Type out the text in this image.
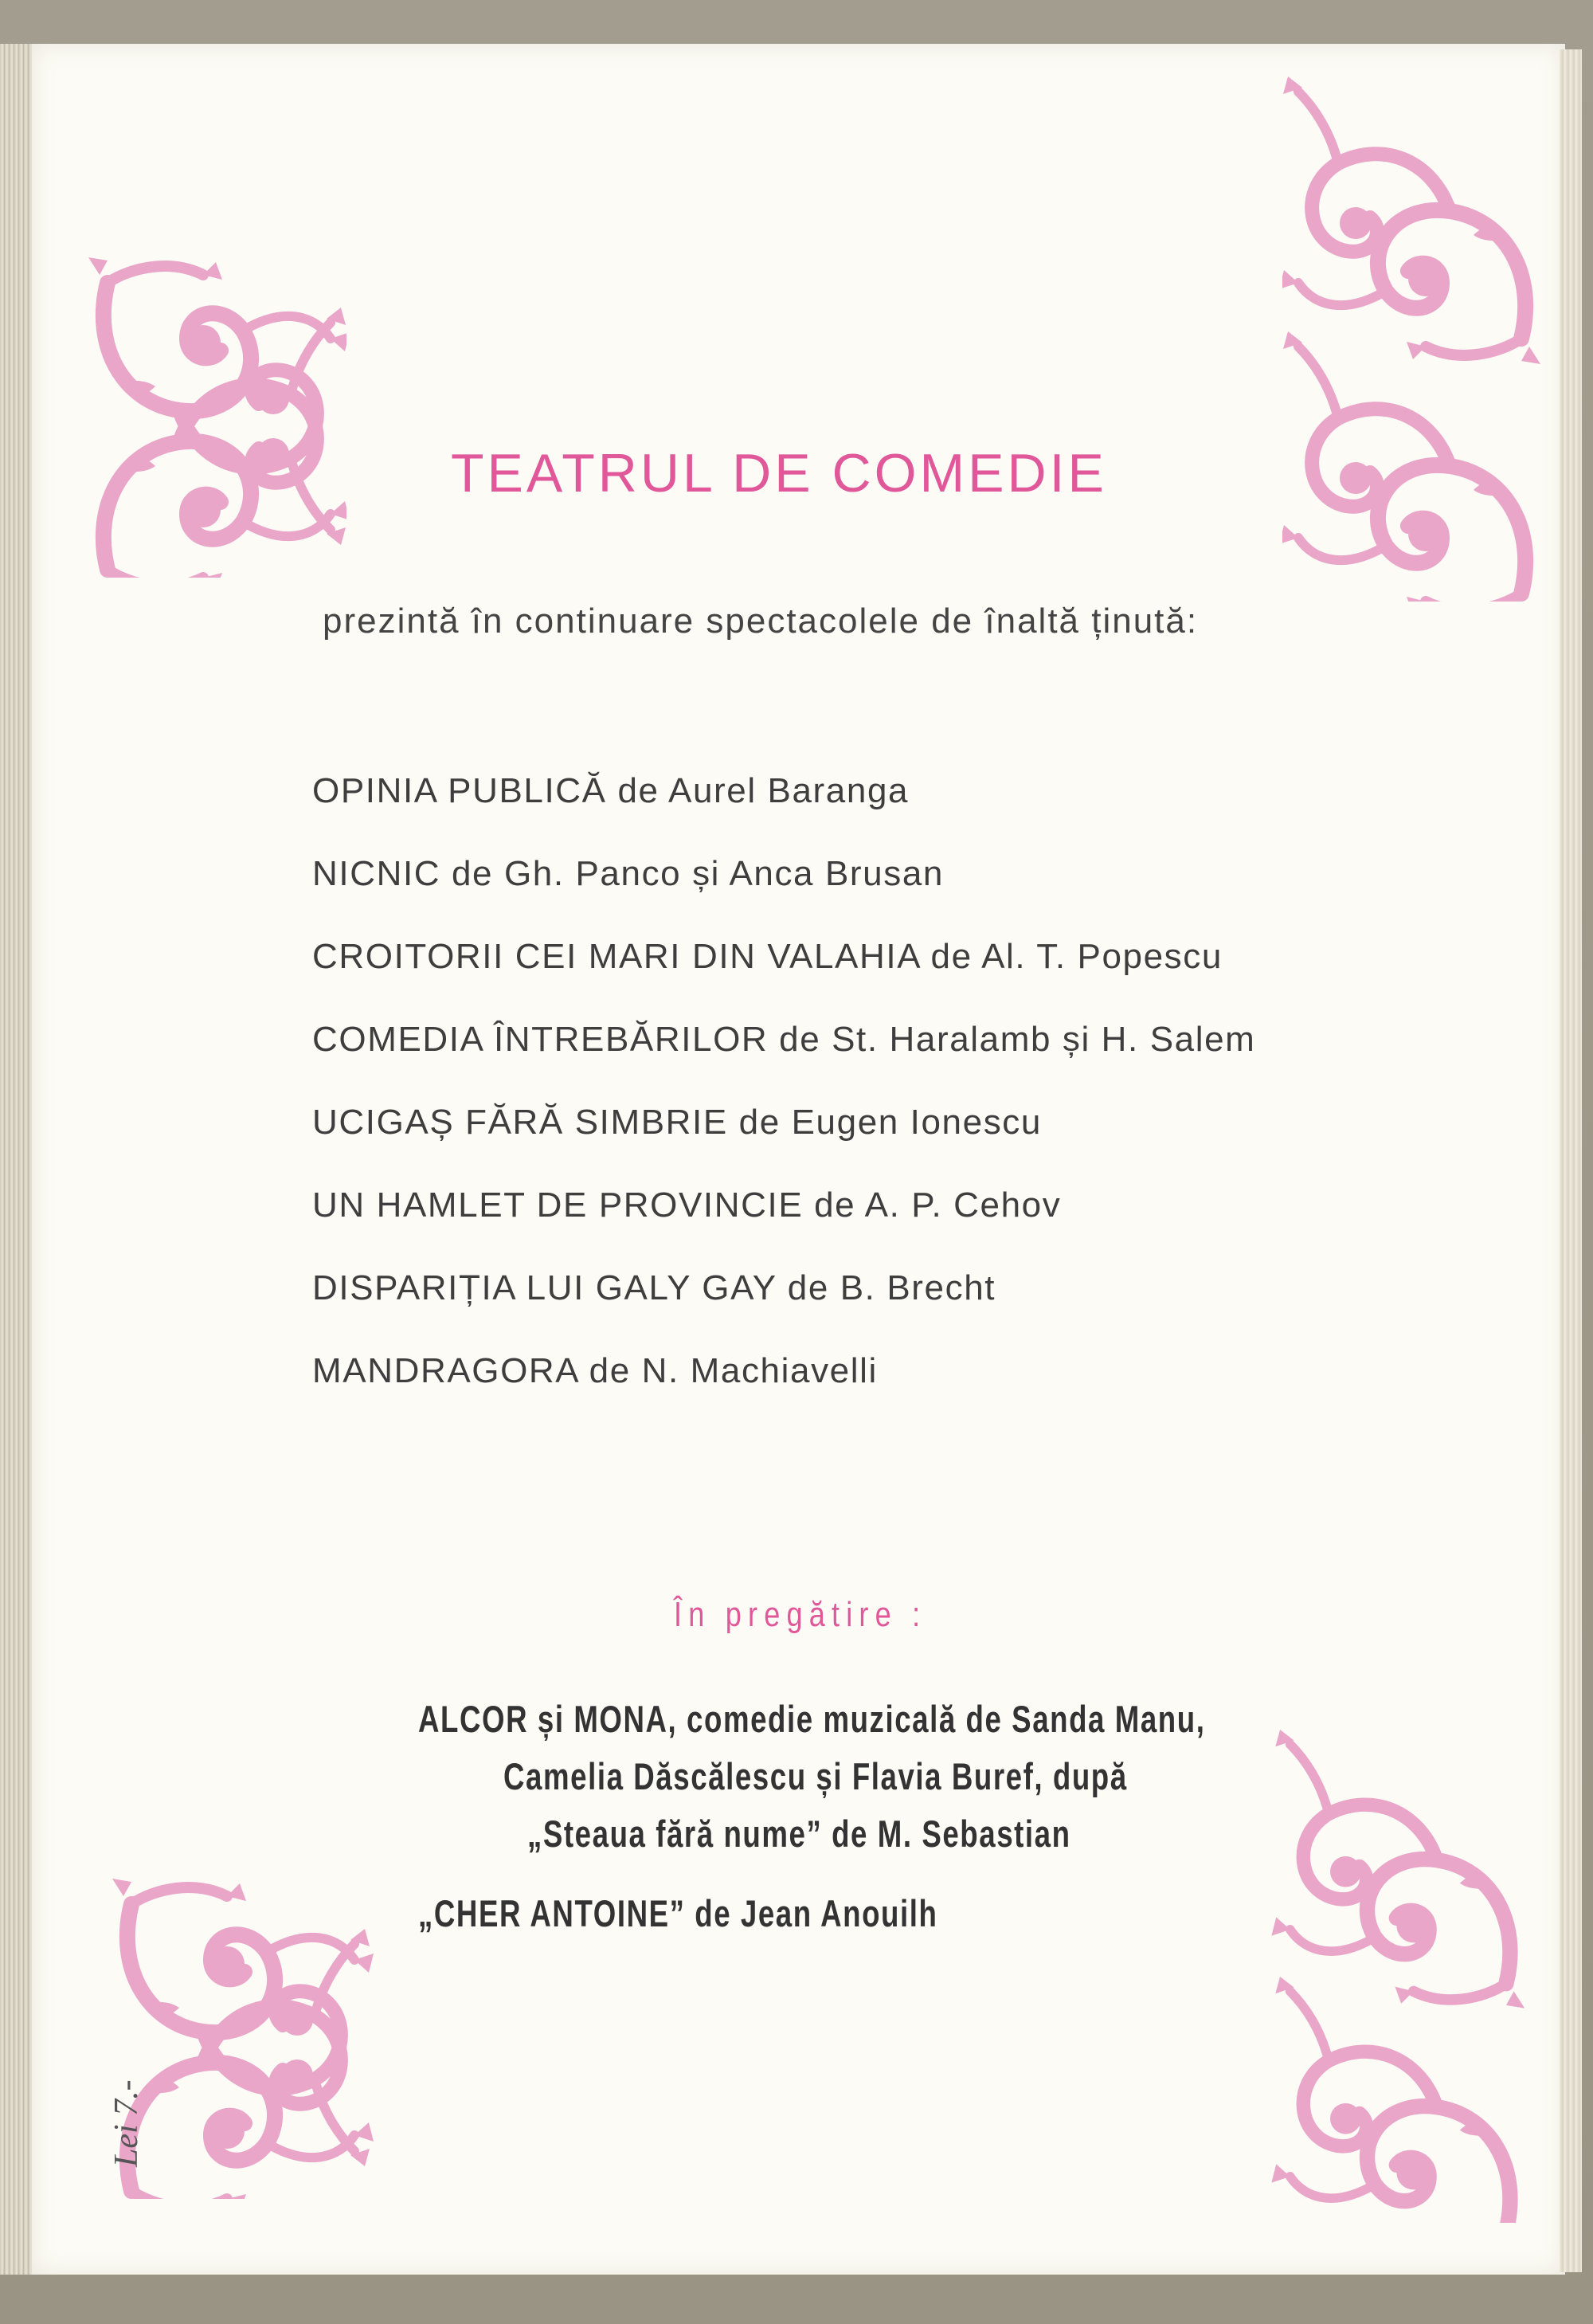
TEATRUL DE COMEDIE
prezintă în continuare spectacolele de înaltă ținută:
OPINIA PUBLICĂ de Aurel Baranga
NICNIC de Gh. Panco și Anca Brusan
CROITORII CEI MARI DIN VALAHIA de Al. T. Popescu
COMEDIA ÎNTREBĂRILOR de St. Haralamb și H. Salem
UCIGAȘ FĂRĂ SIMBRIE de Eugen Ionescu
UN HAMLET DE PROVINCIE de A. P. Cehov
DISPARIȚIA LUI GALY GAY de B. Brecht
MANDRAGORA de N. Machiavelli
În pregătire :
ALCOR și MONA, comedie muzicală de Sanda Manu,
Camelia Dăscălescu și Flavia Buref, după
„Steaua fără nume” de M. Sebastian
„CHER ANTOINE” de Jean Anouilh
Lei 7.-
